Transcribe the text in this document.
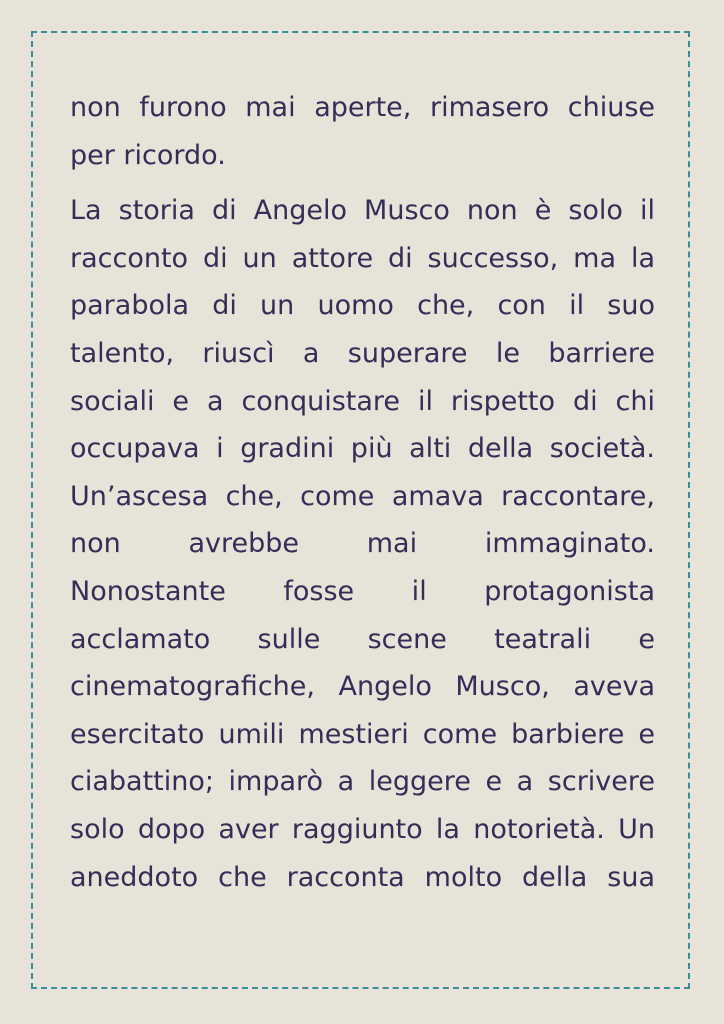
non furono mai aperte, rimasero chiuse
per ricordo.
La storia di Angelo Musco non è solo il
racconto di un attore di successo, ma la
parabola di un uomo che, con il suo
talento, riuscì a superare le barriere
sociali e a conquistare il rispetto di chi
occupava i gradini più alti della società.
Un’ascesa che, come amava raccontare,
non avrebbe mai immaginato.
Nonostante fosse il protagonista
acclamato sulle scene teatrali e
cinematografiche, Angelo Musco, aveva
esercitato umili mestieri come barbiere e
ciabattino; imparò a leggere e a scrivere
solo dopo aver raggiunto la notorietà. Un
aneddoto che racconta molto della sua
